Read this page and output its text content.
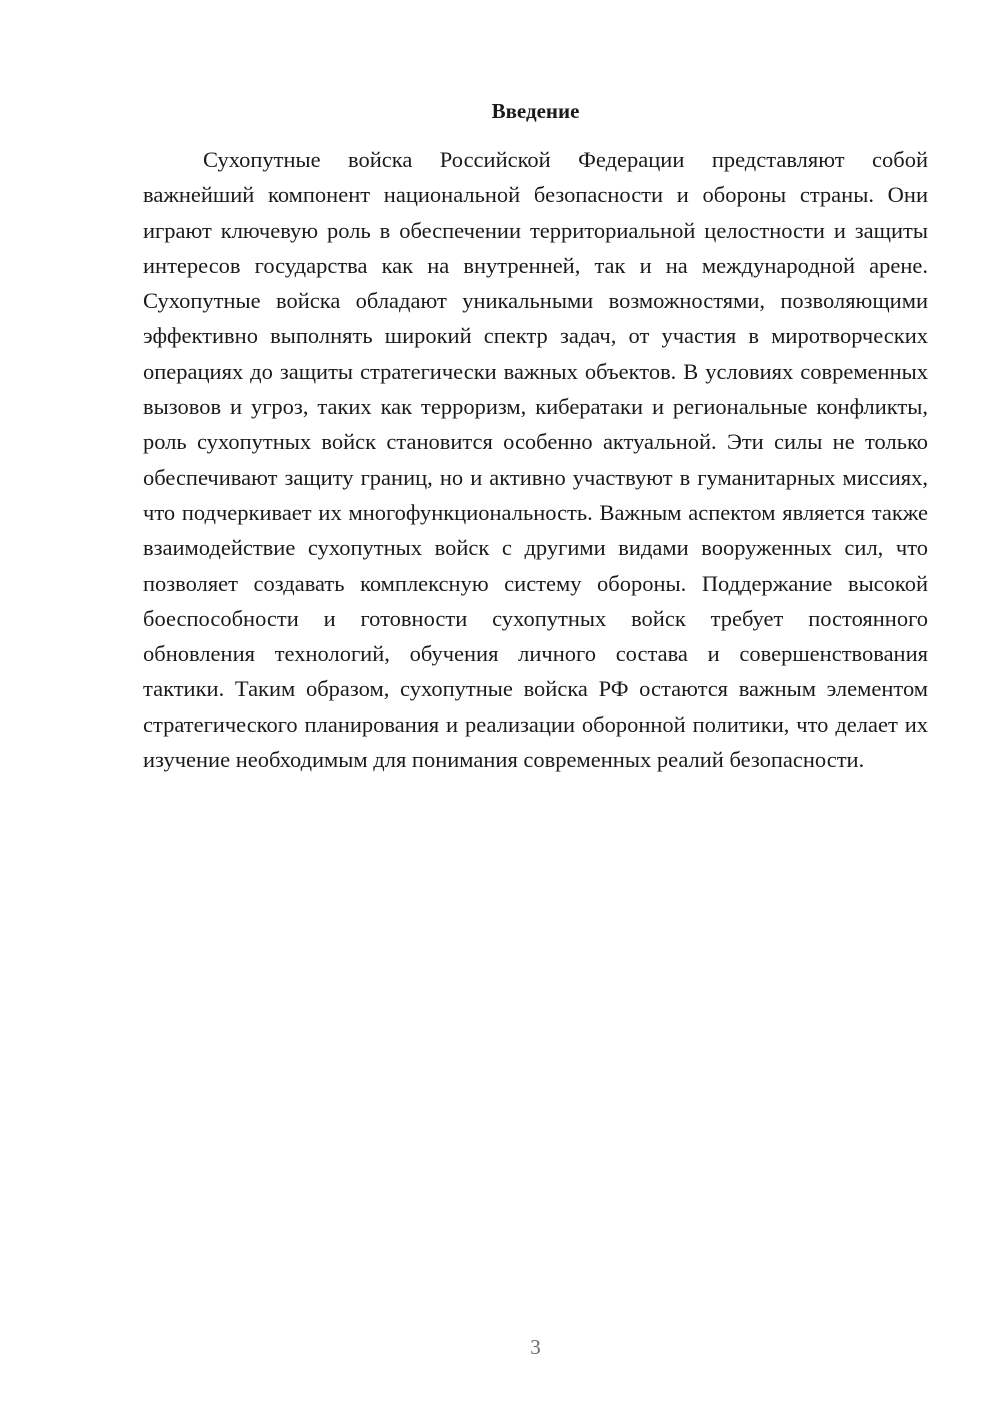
Введение

Сухопутные войска Российской Федерации представляют собой важнейший компонент национальной безопасности и обороны страны. Они играют ключевую роль в обеспечении территориальной целостности и защиты интересов государства как на внутренней, так и на международной арене. Сухопутные войска обладают уникальными возможностями, позволяющими эффективно выполнять широкий спектр задач, от участия в миротворческих операциях до защиты стратегически важных объектов. В условиях современных вызовов и угроз, таких как терроризм, кибератаки и региональные конфликты, роль сухопутных войск становится особенно актуальной. Эти силы не только обеспечивают защиту границ, но и активно участвуют в гуманитарных миссиях, что подчеркивает их многофункциональность. Важным аспектом является также взаимодействие сухопутных войск с другими видами вооруженных сил, что позволяет создавать комплексную систему обороны. Поддержание высокой боеспособности и готовности сухопутных войск требует постоянного обновления технологий, обучения личного состава и совершенствования тактики. Таким образом, сухопутные войска РФ остаются важным элементом стратегического планирования и реализации оборонной политики, что делает их изучение необходимым для понимания современных реалий безопасности.

3
